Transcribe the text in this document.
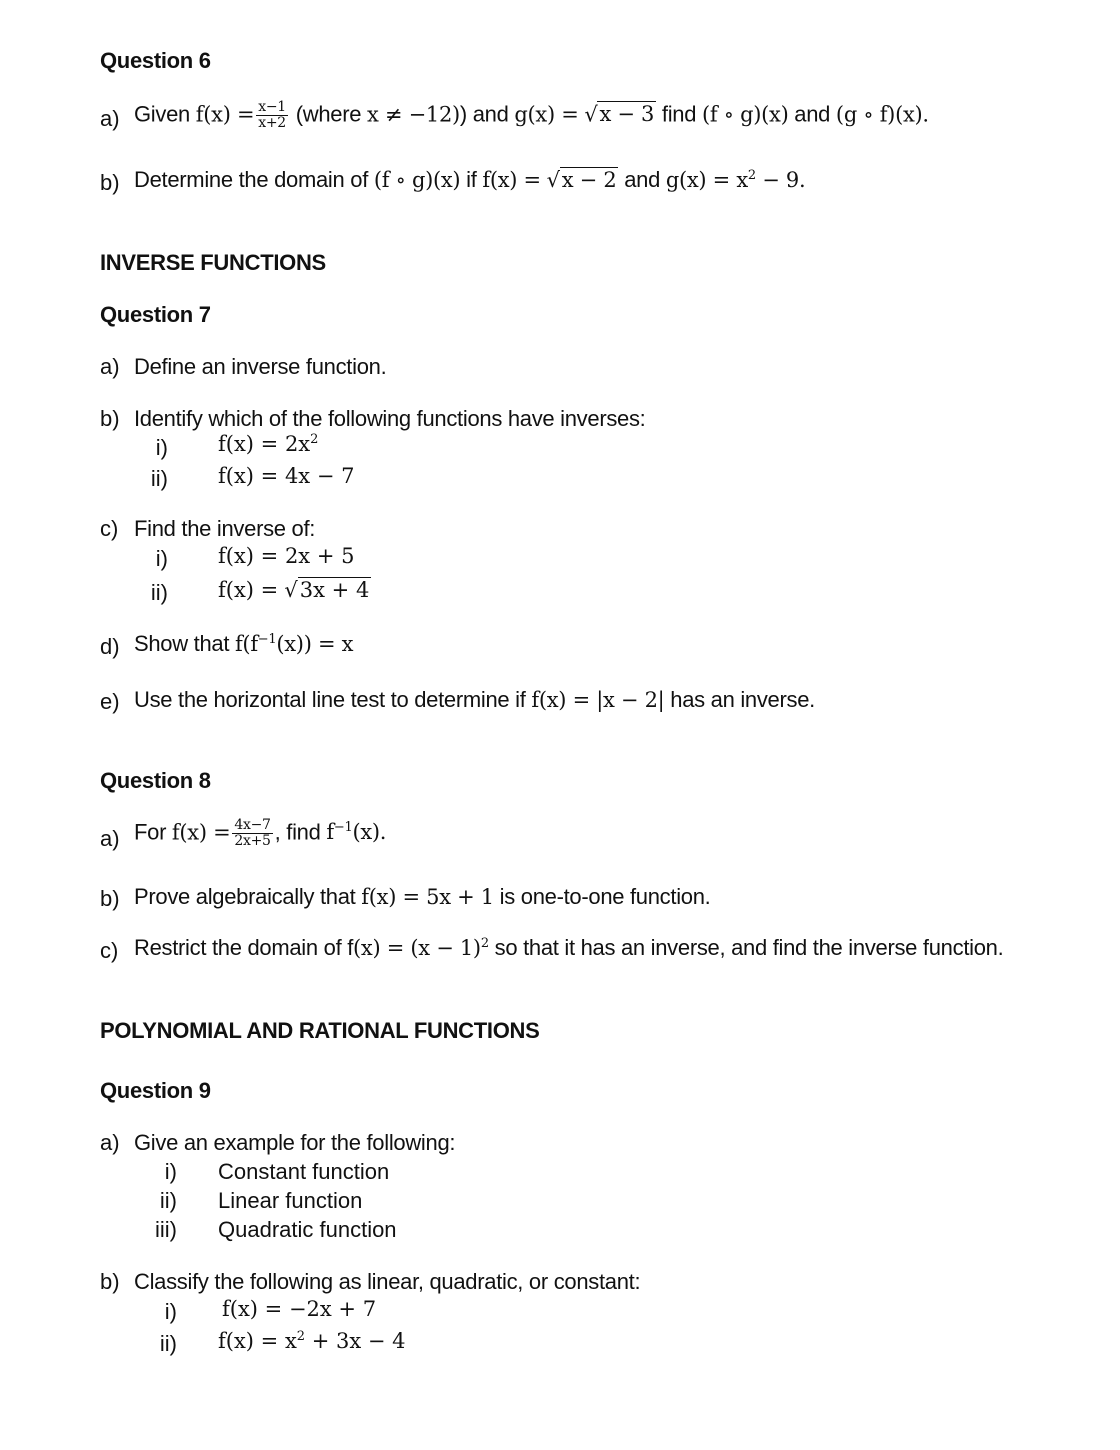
Question 6
a) Given $f(x) = \frac{x-1}{x+2}$ (where x ≠ −12)) and g(x) = √x − 3 find (f ∘ g)(x) and (g ∘ f)(x).
b) Determine the domain of (f ∘ g)(x) if f(x) = √x − 2 and $g(x) = x^2 - 9$.
INVERSE FUNCTIONS
Question 7
a) Define an inverse function.
b) Identify which of the following functions have inverses:
i) $f(x) = 2x^2$
ii) f(x) = 4x − 7
c) Find the inverse of:
i) f(x) = 2x + 5
ii) f(x) = √3x + 4
d) Show that $f(f^{-1}(x)) = x$
e) Use the horizontal line test to determine if f(x) = |x − 2| has an inverse.
Question 8
a) For $f(x) = \frac{4x-7}{2x+5}$ , find $f^{-1}(x)$.
b) Prove algebraically that f(x) = 5x + 1 is one-to-one function.
c) Restrict the domain of $f(x) = (x - 1)^2$ so that it has an inverse, and find the inverse function.
POLYNOMIAL AND RATIONAL FUNCTIONS
Question 9
a) Give an example for the following:
i) Constant function
ii) Linear function
iii) Quadratic function
b) Classify the following as linear, quadratic, or constant:
i) f(x) = −2x + 7
ii) $f(x) = x^2 + 3x - 4$
